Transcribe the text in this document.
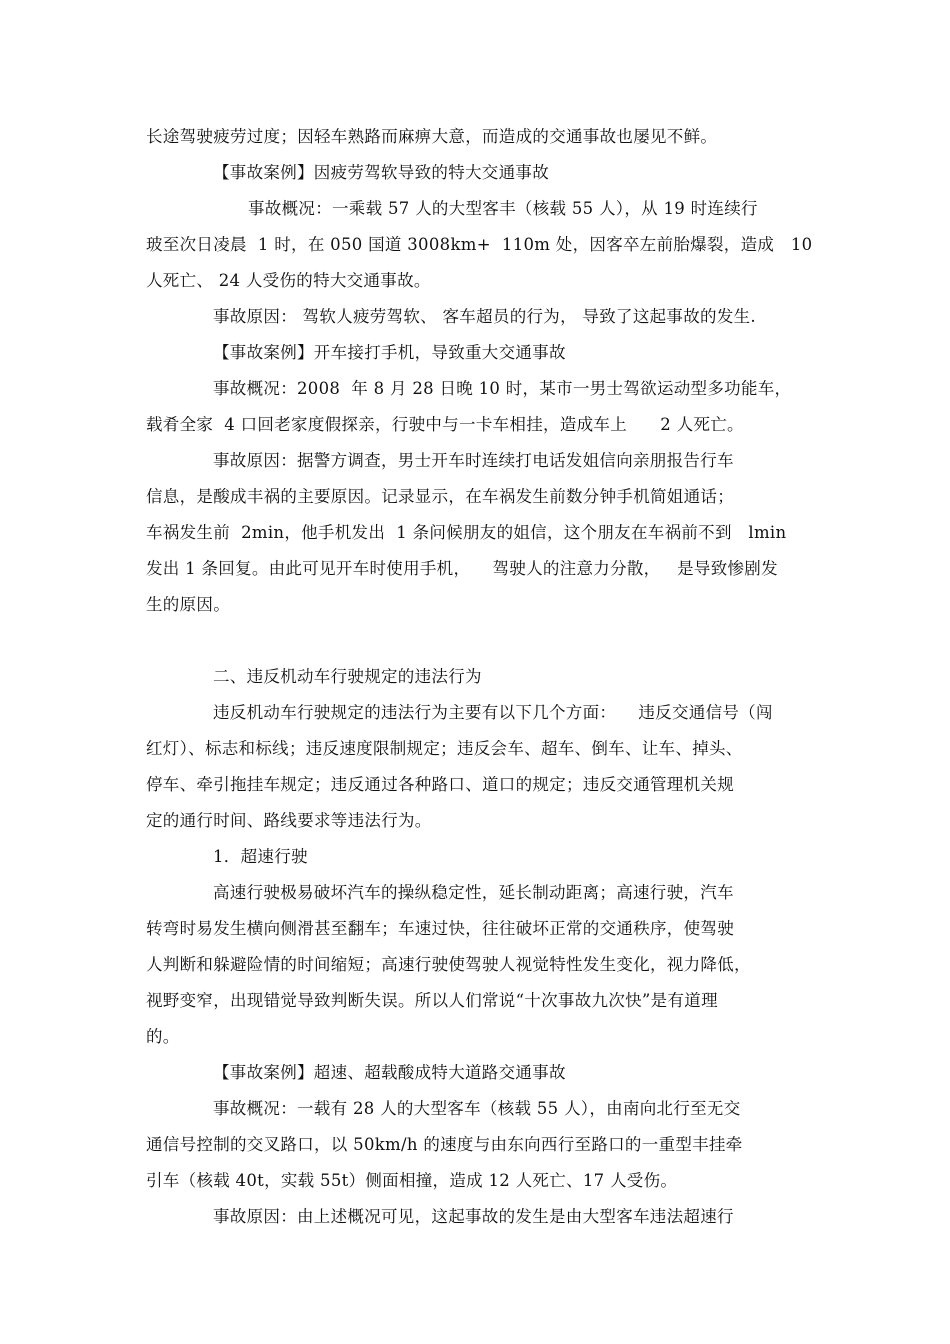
长途驾驶疲劳过度；因轻车熟路而麻痹大意，而造成的交通事故也屡见不鲜。
【事故案例】因疲劳驾软导致的特大交通事故
事故概况：一乘载 57 人的大型客丰（核载 55 人），从 19 时连续行
玻至次日凌晨  1 时，在 050 国道 3008km+  110m 处，因客卒左前胎爆裂，造成   10
人死亡、 24 人受伤的特大交通事故。
事故原因： 驾软人疲劳驾软、 客车超员的行为， 导致了这起事故的发生.
【事故案例】开车接打手机，导致重大交通事故
事故概况：2008  年 8 月 28 日晚 10 时，某市一男士驾欲运动型多功能车，
载肴全家  4 口回老家度假探亲，行驶中与一卡车相挂，造成车上      2 人死亡。
事故原因：据警方调查，男士开车时连续打电话发姐信向亲朋报告行车
信息，是酸成丰祸的主要原因。记录显示，在车祸发生前数分钟手机简姐通话；
车祸发生前  2min，他手机发出  1 条问候朋友的姐信，这个朋友在车祸前不到   lmin
发出 1 条回复。由此可见开车时使用手机，    驾驶人的注意力分散，   是导致惨剧发
生的原因。
二、违反机动车行驶规定的违法行为
违反机动车行驶规定的违法行为主要有以下几个方面：    违反交通信号（闯
红灯）、标志和标线；违反速度限制规定；违反会车、超车、倒车、让车、掉头、
停车、牵引拖挂车规定；违反通过各种路口、道口的规定；违反交通管理机关规
定的通行时间、路线要求等违法行为。
1．超速行驶
高速行驶极易破坏汽车的操纵稳定性，延长制动距离；高速行驶，汽车
转弯时易发生横向侧滑甚至翻车；车速过快，往往破坏正常的交通秩序，使驾驶
人判断和躲避险情的时间缩短；高速行驶使驾驶人视觉特性发生变化，视力降低，
视野变窄，出现错觉导致判断失误。所以人们常说“十次事故九次快”是有道理
的。
【事故案例】超速、超载酸成特大道路交通事故
事故概况：一载有 28 人的大型客车（核载 55 人），由南向北行至无交
通信号控制的交叉路口，以 50km/h 的速度与由东向西行至路口的一重型丰挂牵
引车（核载 40t，实载 55t）侧面相撞，造成 12 人死亡、17 人受伤。
事故原因：由上述概况可见，这起事故的发生是由大型客车违法超速行
